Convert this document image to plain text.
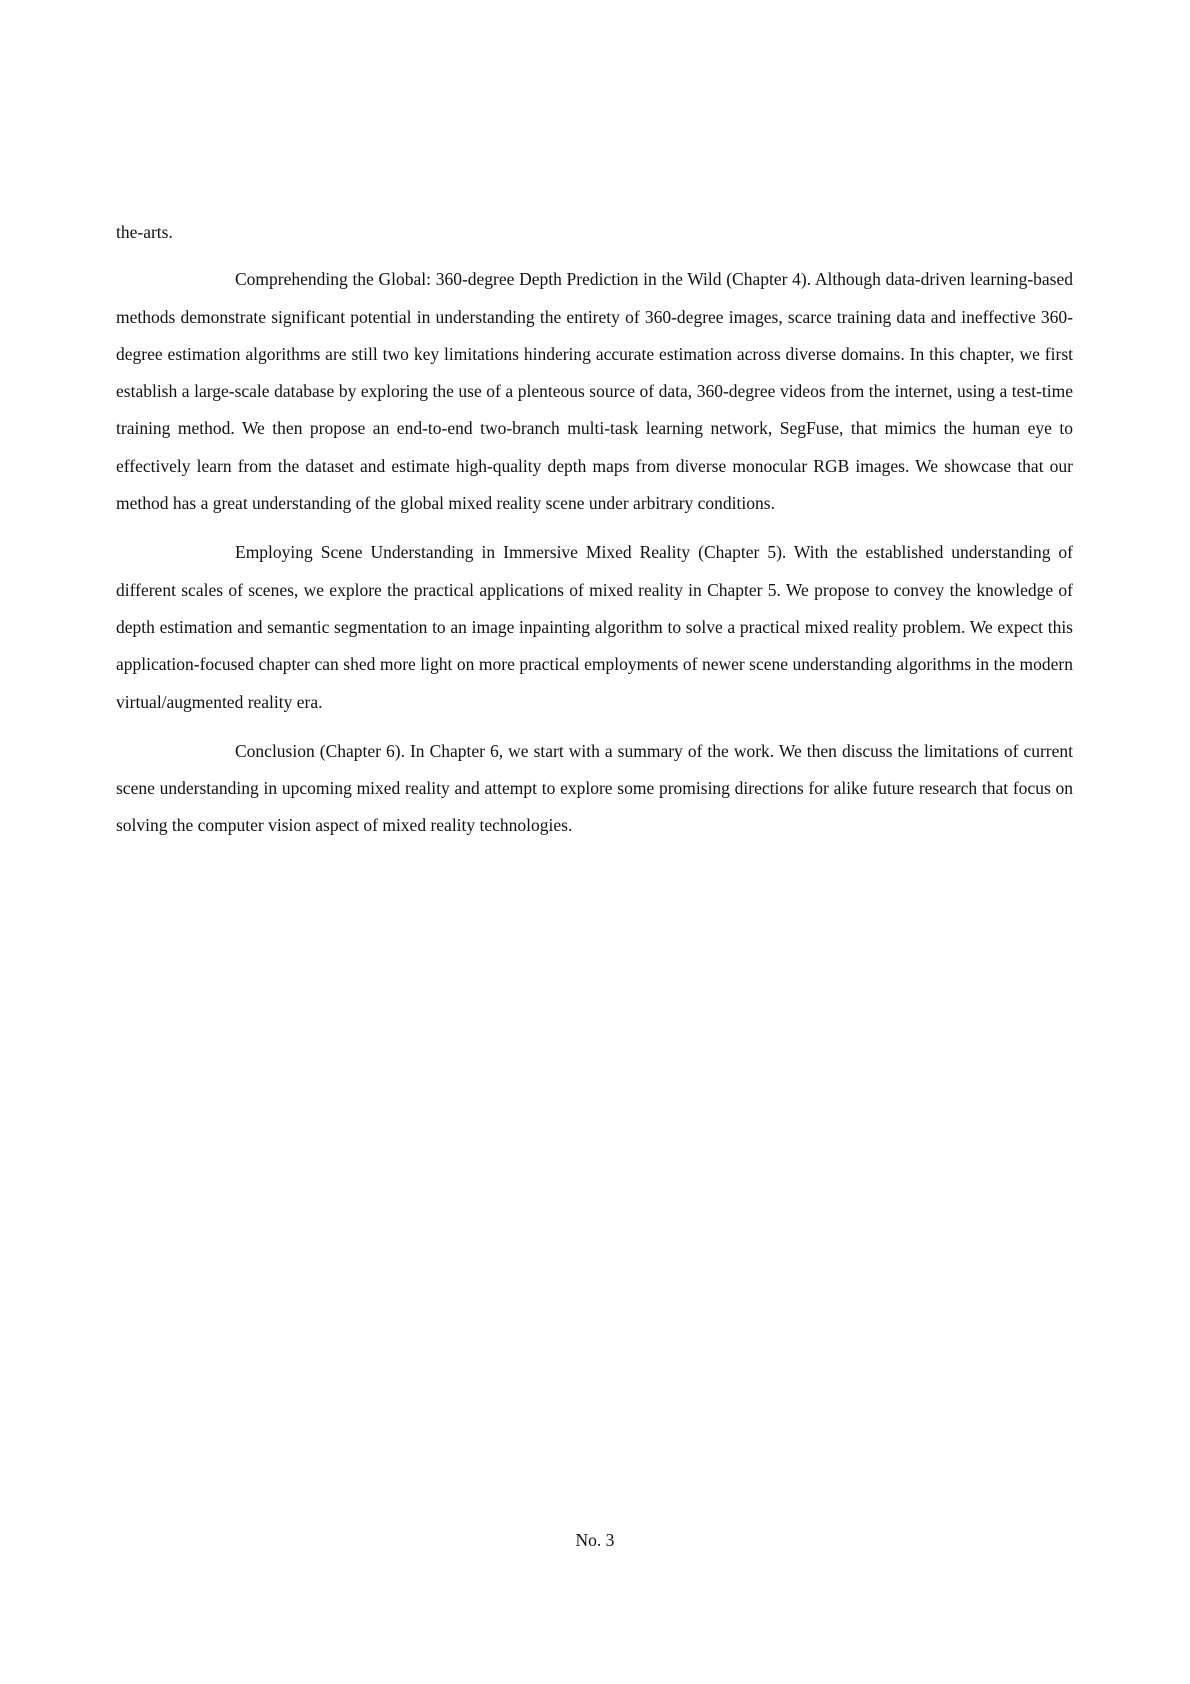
the-arts.

Comprehending the Global: 360-degree Depth Prediction in the Wild (Chapter 4). Although data-driven learning-based methods demonstrate significant potential in understanding the entirety of 360-degree images, scarce training data and ineffective 360-degree estimation algorithms are still two key limitations hindering accurate estimation across diverse domains. In this chapter, we first establish a large-scale database by exploring the use of a plenteous source of data, 360-degree videos from the internet, using a test-time training method. We then propose an end-to-end two-branch multi-task learning network, SegFuse, that mimics the human eye to effectively learn from the dataset and estimate high-quality depth maps from diverse monocular RGB images. We showcase that our method has a great understanding of the global mixed reality scene under arbitrary conditions.

Employing Scene Understanding in Immersive Mixed Reality (Chapter 5). With the established understanding of different scales of scenes, we explore the practical applications of mixed reality in Chapter 5. We propose to convey the knowledge of depth estimation and semantic segmentation to an image inpainting algorithm to solve a practical mixed reality problem. We expect this application-focused chapter can shed more light on more practical employments of newer scene understanding algorithms in the modern virtual/augmented reality era.

Conclusion (Chapter 6). In Chapter 6, we start with a summary of the work. We then discuss the limitations of current scene understanding in upcoming mixed reality and attempt to explore some promising directions for alike future research that focus on solving the computer vision aspect of mixed reality technologies.

No. 3
